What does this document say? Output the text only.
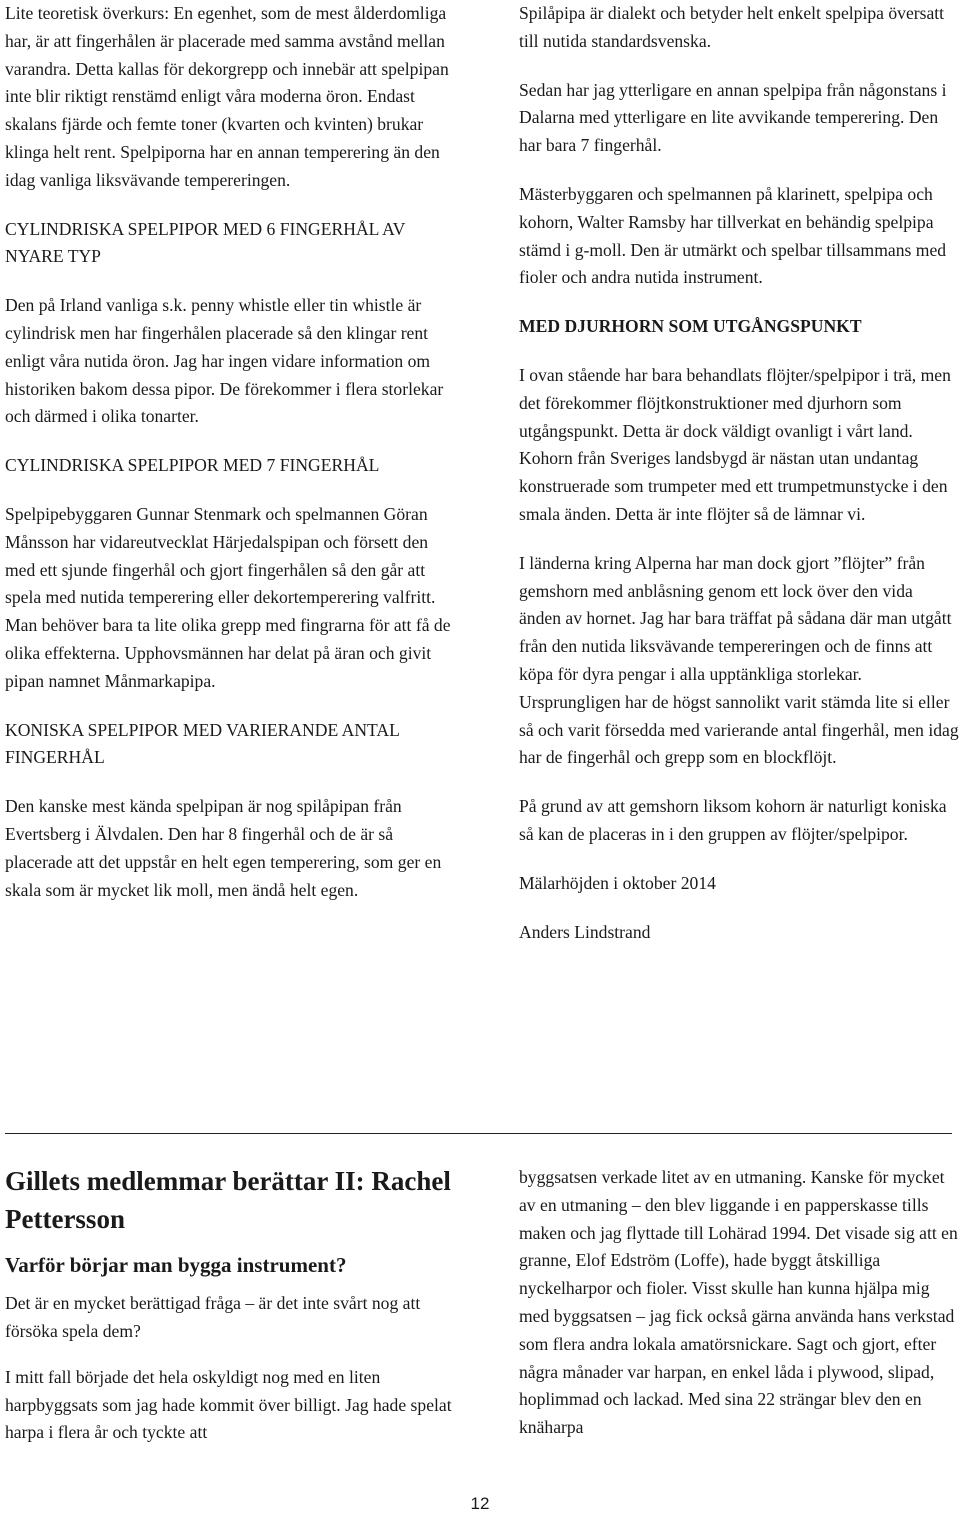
Lite teoretisk överkurs: En egenhet, som de mest ålderdomliga har, är att fingerhålen är placerade med samma avstånd mellan varandra. Detta kallas för dekorgrepp och innebär att spelpipan inte blir riktigt renstämd enligt våra moderna öron. Endast skalans fjärde och femte toner (kvarten och kvinten) brukar klinga helt rent. Spelpiporna har en annan temperering än den idag vanliga liksvävande tempereringen.

CYLINDRISKA SPELPIPOR MED 6 FINGERHÅL AV NYARE TYP

Den på Irland vanliga s.k. penny whistle eller tin whistle är cylindrisk men har fingerhålen placerade så den klingar rent enligt våra nutida öron. Jag har ingen vidare information om historiken bakom dessa pipor. De förekommer i flera storlekar och därmed i olika tonarter.

CYLINDRISKA SPELPIPOR MED 7 FINGERHÅL

Spelpipebyggaren Gunnar Stenmark och spelmannen Göran Månsson har vidareutvecklat Härjedalspipan och försett den med ett sjunde fingerhål och gjort fingerhålen så den går att spela med nutida temperering eller dekortemperering valfritt. Man behöver bara ta lite olika grepp med fingrarna för att få de olika effekterna. Upphovsmännen har delat på äran och givit pipan namnet Månmarkapipa.

KONISKA SPELPIPOR MED VARIERANDE ANTAL FINGERHÅL

Den kanske mest kända spelpipan är nog spilåpipan från Evertsberg i Älvdalen. Den har 8 fingerhål och de är så placerade att det uppstår en helt egen temperering, som ger en skala som är mycket lik moll, men ändå helt egen.

Spilåpipa är dialekt och betyder helt enkelt spelpipa översatt till nutida standardsvenska.

Sedan har jag ytterligare en annan spelpipa från någonstans i Dalarna med ytterligare en lite avvikande temperering. Den har bara 7 fingerhål.

Mästerbyggaren och spelmannen på klarinett, spelpipa och kohorn, Walter Ramsby har tillverkat en behändig spelpipa stämd i g-moll. Den är utmärkt och spelbar tillsammans med fioler och andra nutida instrument.

MED DJURHORN SOM UTGÅNGSPUNKT

I ovan stående har bara behandlats flöjter/spelpipor i trä, men det förekommer flöjtkonstruktioner med djurhorn som utgångspunkt. Detta är dock väldigt ovanligt i vårt land. Kohorn från Sveriges landsbygd är nästan utan undantag konstruerade som trumpeter med ett trumpetmunstycke i den smala änden. Detta är inte flöjter så de lämnar vi.

I länderna kring Alperna har man dock gjort ”flöjter” från gemshorn med anblåsning genom ett lock över den vida änden av hornet. Jag har bara träffat på sådana där man utgått från den nutida liksvävande tempereringen och de finns att köpa för dyra pengar i alla upptänkliga storlekar. Ursprungligen har de högst sannolikt varit stämda lite si eller så och varit försedda med varierande antal fingerhål, men idag har de fingerhål och grepp som en blockflöjt.

På grund av att gemshorn liksom kohorn är naturligt koniska så kan de placeras in i den gruppen av flöjter/spelpipor.

Mälarhöjden i oktober 2014

Anders Lindstrand

Gillets medlemmar berättar II: Rachel Pettersson
Varför börjar man bygga instrument?

Det är en mycket berättigad fråga – är det inte svårt nog att försöka spela dem?

I mitt fall började det hela oskyldigt nog med en liten harpbyggsats som jag hade kommit över billigt. Jag hade spelat harpa i flera år och tyckte att

byggsatsen verkade litet av en utmaning. Kanske för mycket av en utmaning – den blev liggande i en papperskasse tills maken och jag flyttade till Lohärad 1994. Det visade sig att en granne, Elof Edström (Loffe), hade byggt åtskilliga nyckelharpor och fioler. Visst skulle han kunna hjälpa mig med byggsatsen – jag fick också gärna använda hans verkstad som flera andra lokala amatörsnickare. Sagt och gjort, efter några månader var harpan, en enkel låda i plywood, slipad, hoplimmad och lackad. Med sina 22 strängar blev den en knäharpa

12
